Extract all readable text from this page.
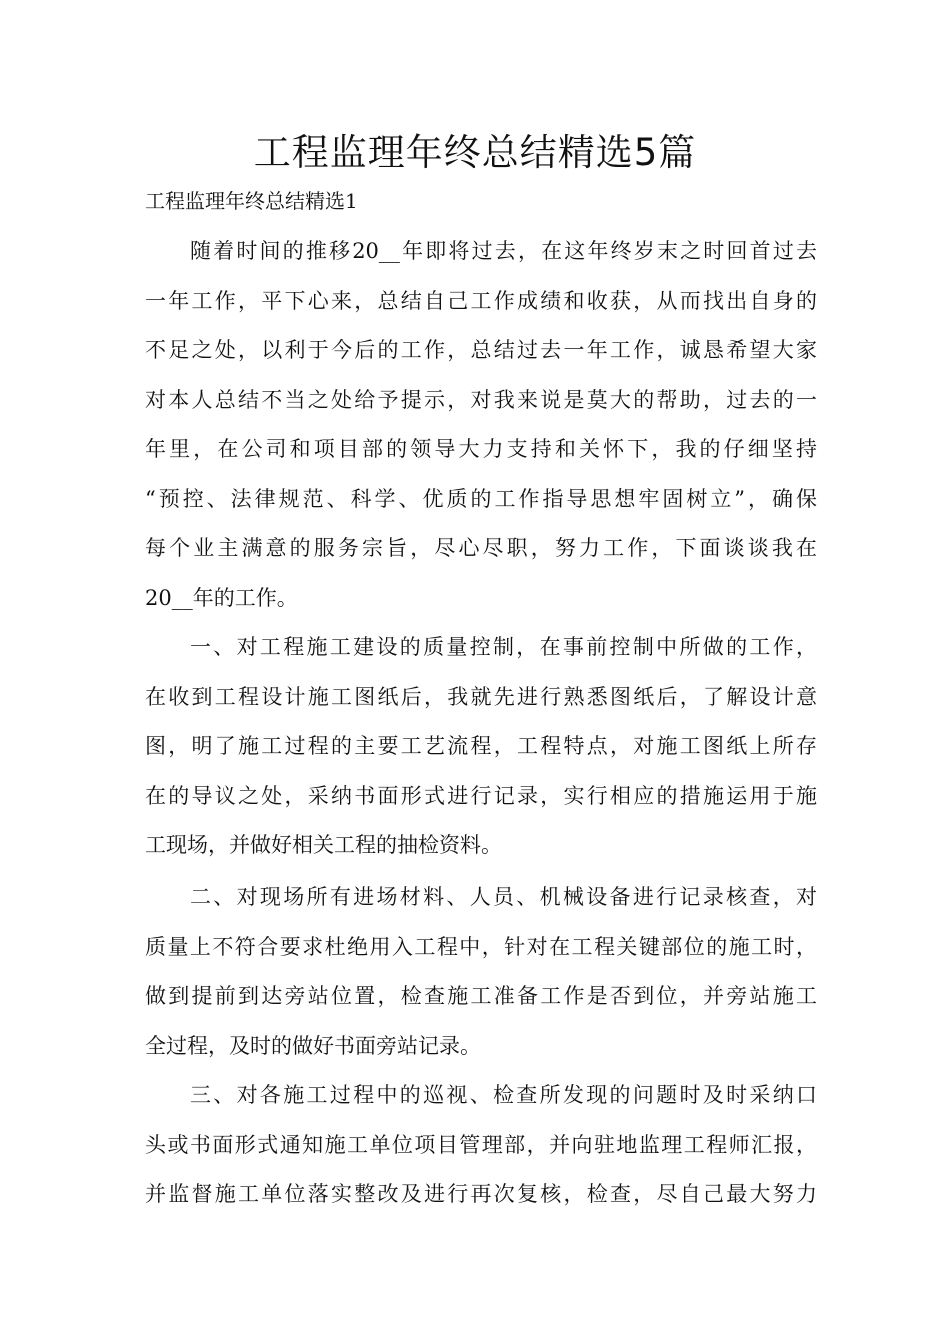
工程监理年终总结精选5篇

工程监理年终总结精选1

随着时间的推移20__年即将过去，在这年终岁末之时回首过去
一年工作，平下心来，总结自己工作成绩和收获，从而找出自身的
不足之处，以利于今后的工作，总结过去一年工作，诚恳希望大家
对本人总结不当之处给予提示，对我来说是莫大的帮助，过去的一
年里，在公司和项目部的领导大力支持和关怀下，我的仔细坚持
“预控、法律规范、科学、优质的工作指导思想牢固树立”，确保
每个业主满意的服务宗旨，尽心尽职，努力工作，下面谈谈我在
20__年的工作。
一、对工程施工建设的质量控制，在事前控制中所做的工作，
在收到工程设计施工图纸后，我就先进行熟悉图纸后，了解设计意
图，明了施工过程的主要工艺流程，工程特点，对施工图纸上所存
在的导议之处，采纳书面形式进行记录，实行相应的措施运用于施
工现场，并做好相关工程的抽检资料。
二、对现场所有进场材料、人员、机械设备进行记录核查，对
质量上不符合要求杜绝用入工程中，针对在工程关键部位的施工时，
做到提前到达旁站位置，检查施工准备工作是否到位，并旁站施工
全过程，及时的做好书面旁站记录。
三、对各施工过程中的巡视、检查所发现的问题时及时采纳口
头或书面形式通知施工单位项目管理部，并向驻地监理工程师汇报，
并监督施工单位落实整改及进行再次复核，检查，尽自己最大努力
